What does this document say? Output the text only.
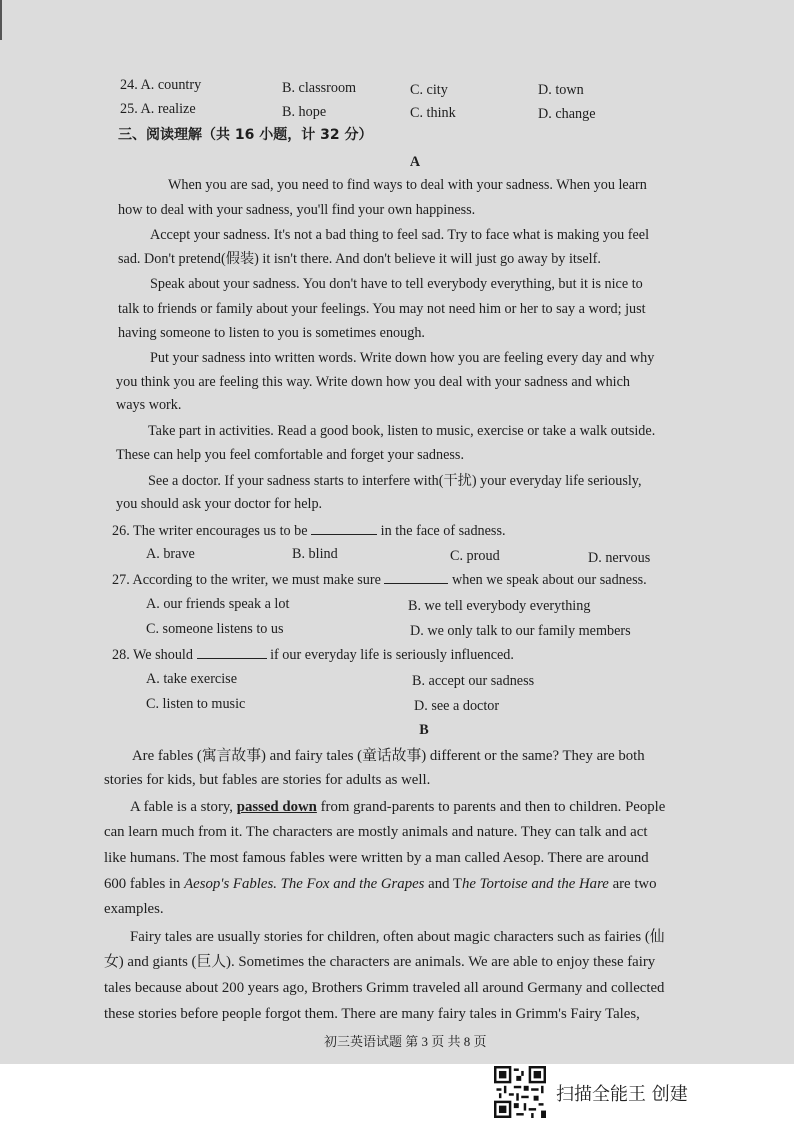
24. A. country	B. classroom	C. city	D. town
25. A. realize	B. hope	C. think	D. change
三、阅读理解（共 16 小题，计 32 分）
A
When you are sad, you need to find ways to deal with your sadness. When you learn
how to deal with your sadness, you'll find your own happiness.
Accept your sadness. It's not a bad thing to feel sad. Try to face what is making you feel
sad. Don't pretend(假装) it isn't there. And don't believe it will just go away by itself.
Speak about your sadness. You don't have to tell everybody everything, but it is nice to
talk to friends or family about your feelings. You may not need him or her to say a word; just
having someone to listen to you is sometimes enough.
Put your sadness into written words. Write down how you are feeling every day and why
you think you are feeling this way. Write down how you deal with your sadness and which
ways work.
Take part in activities. Read a good book, listen to music, exercise or take a walk outside.
These can help you feel comfortable and forget your sadness.
See a doctor. If your sadness starts to interfere with(干扰) your everyday life seriously,
you should ask your doctor for help.
26. The writer encourages us to be	in the face of sadness.
A. brave	B. blind	C. proud	D. nervous
27. According to the writer, we must make sure	when we speak about our sadness.
A. our friends speak a lot	B. we tell everybody everything
C. someone listens to us	D. we only talk to our family members
28. We should	if our everyday life is seriously influenced.
A. take exercise	B. accept our sadness
C. listen to music	D. see a doctor
B
Are fables (寓言故事) and fairy tales (童话故事) different or the same? They are both
stories for kids, but fables are stories for adults as well.
A fable is a story, passed down from grand-parents to parents and then to children. People
can learn much from it. The characters are mostly animals and nature. They can talk and act
like humans. The most famous fables were written by a man called Aesop. There are around
600 fables in Aesop's Fables. The Fox and the Grapes and The Tortoise and the Hare are two
examples.
Fairy tales are usually stories for children, often about magic characters such as fairies (仙
女) and giants (巨人). Sometimes the characters are animals. We are able to enjoy these fairy
tales because about 200 years ago, Brothers Grimm traveled all around Germany and collected
these stories before people forgot them. There are many fairy tales in Grimm's Fairy Tales,
初三英语试题 第 3 页 共 8 页
扫描全能王 创建
